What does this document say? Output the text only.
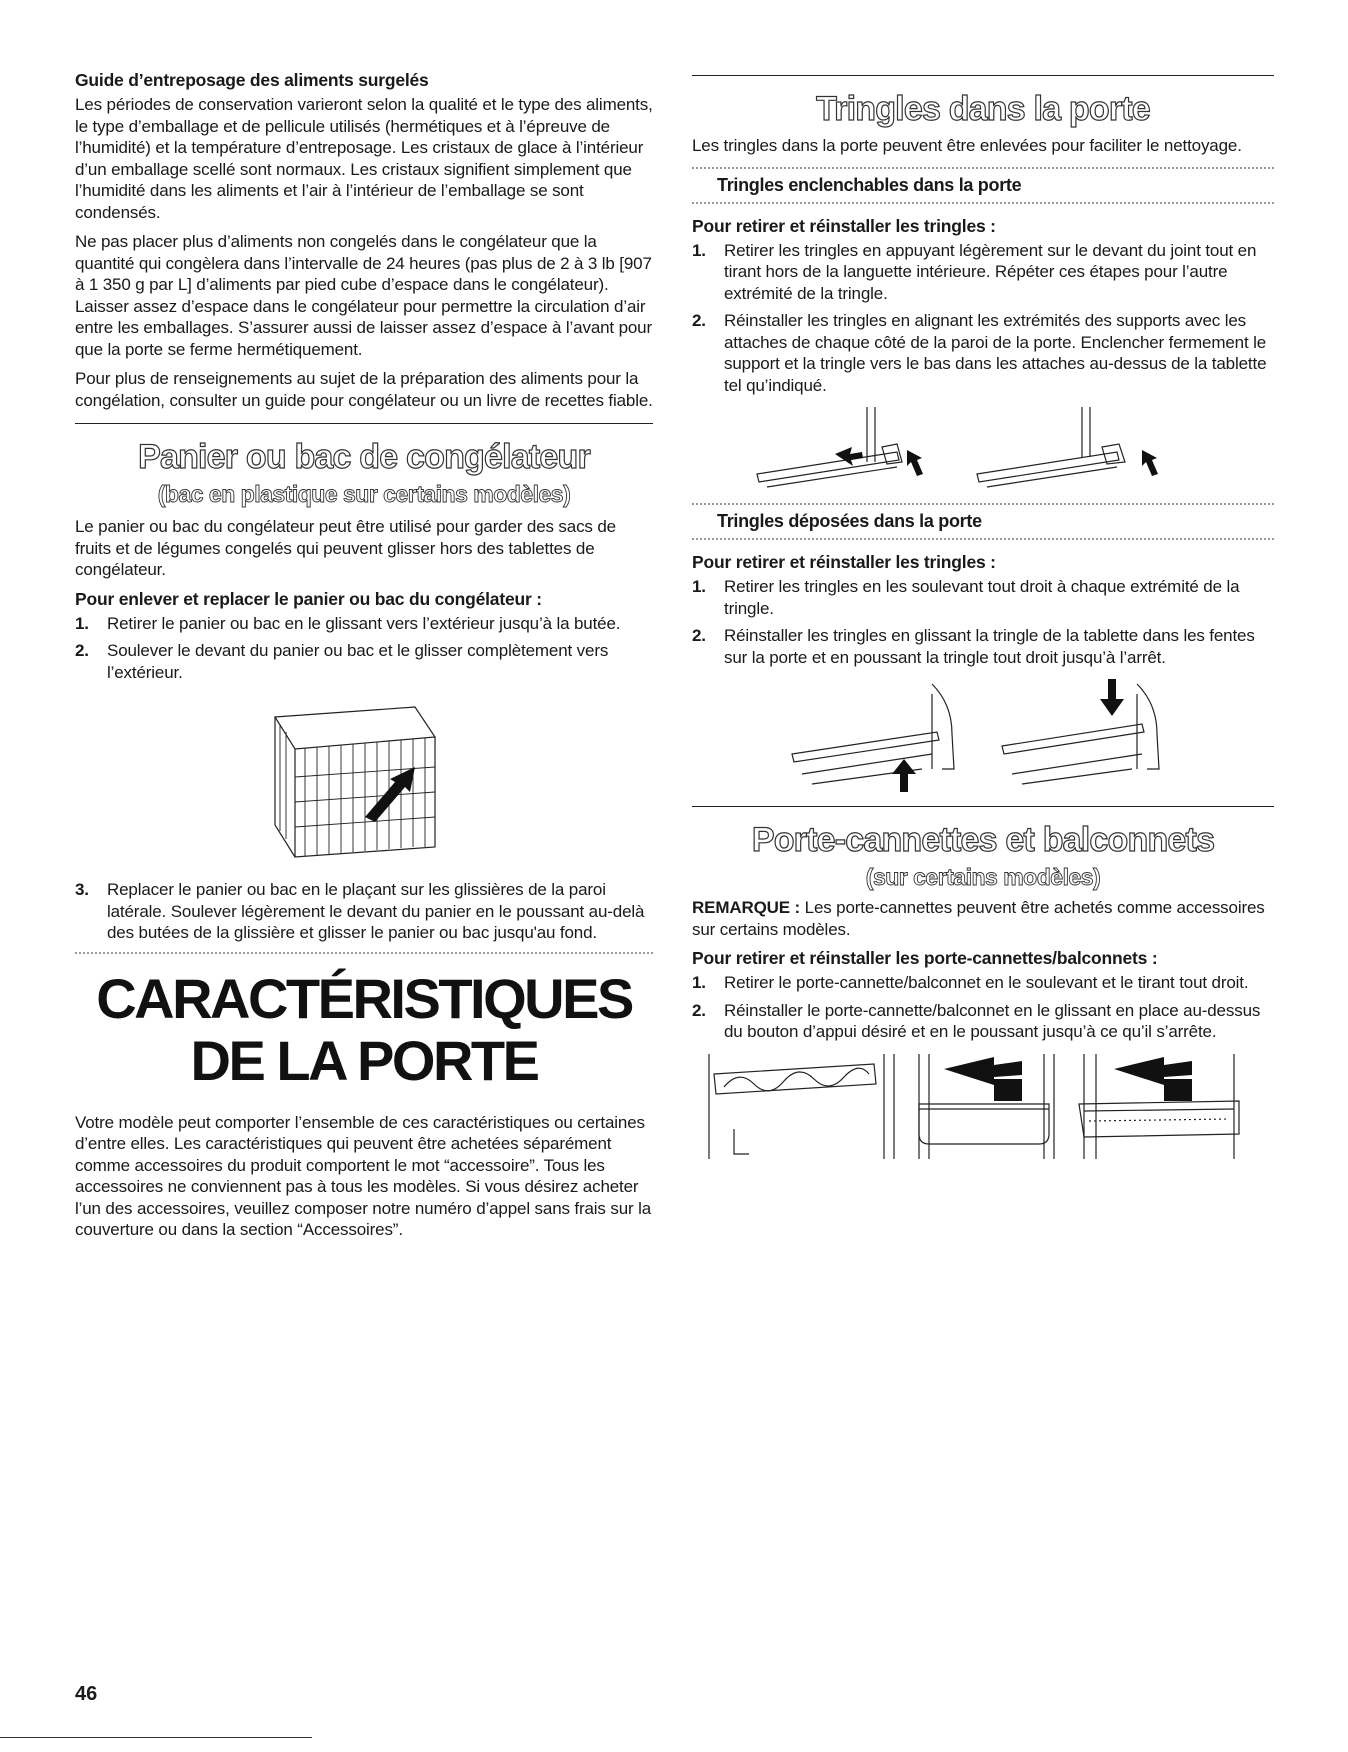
Guide d’entreposage des aliments surgelés

Les périodes de conservation varieront selon la qualité et le type des aliments, le type d’emballage et de pellicule utilisés (hermétiques et à l’épreuve de l’humidité) et la température d’entreposage. Les cristaux de glace à l’intérieur d’un emballage scellé sont normaux. Les cristaux signifient simplement que l’humidité dans les aliments et l’air à l’intérieur de l’emballage se sont condensés.

Ne pas placer plus d’aliments non congelés dans le congélateur que la quantité qui congèlera dans l’intervalle de 24 heures (pas plus de 2 à 3 lb [907 à 1 350 g par L] d’aliments par pied cube d’espace dans le congélateur). Laisser assez d’espace dans le congélateur pour permettre la circulation d’air entre les emballages. S’assurer aussi de laisser assez d’espace à l’avant pour que la porte se ferme hermétiquement.

Pour plus de renseignements au sujet de la préparation des aliments pour la congélation, consulter un guide pour congélateur ou un livre de recettes fiable.

Panier ou bac de congélateur
(bac en plastique sur certains modèles)

Le panier ou bac du congélateur peut être utilisé pour garder des sacs de fruits et de légumes congelés qui peuvent glisser hors des tablettes de congélateur.

Pour enlever et replacer le panier ou bac du congélateur :

1. Retirer le panier ou bac en le glissant vers l’extérieur jusqu’à la butée.
2. Soulever le devant du panier ou bac et le glisser complètement vers l’extérieur.
3. Replacer le panier ou bac en le plaçant sur les glissières de la paroi latérale. Soulever légèrement le devant du panier en le poussant au-delà des butées de la glissière et glisser le panier ou bac jusqu'au fond.
CARACTÉRISTIQUES
DE LA PORTE

Votre modèle peut comporter l’ensemble de ces caractéristiques ou certaines d’entre elles. Les caractéristiques qui peuvent être achetées séparément comme accessoires du produit comportent le mot “accessoire”. Tous les accessoires ne conviennent pas à tous les modèles. Si vous désirez acheter l’un des accessoires, veuillez composer notre numéro d’appel sans frais sur la couverture ou dans la section “Accessoires”.

Tringles dans la porte

Les tringles dans la porte peuvent être enlevées pour faciliter le nettoyage.

Tringles enclenchables dans la porte

Pour retirer et réinstaller les tringles :

1. Retirer les tringles en appuyant légèrement sur le devant du joint tout en tirant hors de la languette intérieure. Répéter ces étapes pour l’autre extrémité de la tringle.
2. Réinstaller les tringles en alignant les extrémités des supports avec les attaches de chaque côté de la paroi de la porte. Enclencher fermement le support et la tringle vers le bas dans les attaches au-dessus de la tablette tel qu’indiqué.

Tringles déposées dans la porte

Pour retirer et réinstaller les tringles :

1. Retirer les tringles en les soulevant tout droit à chaque extrémité de la tringle.
2. Réinstaller les tringles en glissant la tringle de la tablette dans les fentes sur la porte et en poussant la tringle tout droit jusqu’à l’arrêt.
Porte-cannettes et balconnets
(sur certains modèles)

REMARQUE : Les porte-cannettes peuvent être achetés comme accessoires sur certains modèles.

Pour retirer et réinstaller les porte-cannettes/balconnets :

1. Retirer le porte-cannette/balconnet en le soulevant et le tirant tout droit.
2. Réinstaller le porte-cannette/balconnet en le glissant en place au-dessus du bouton d’appui désiré et en le poussant jusqu’à ce qu’il s’arrête.
46
